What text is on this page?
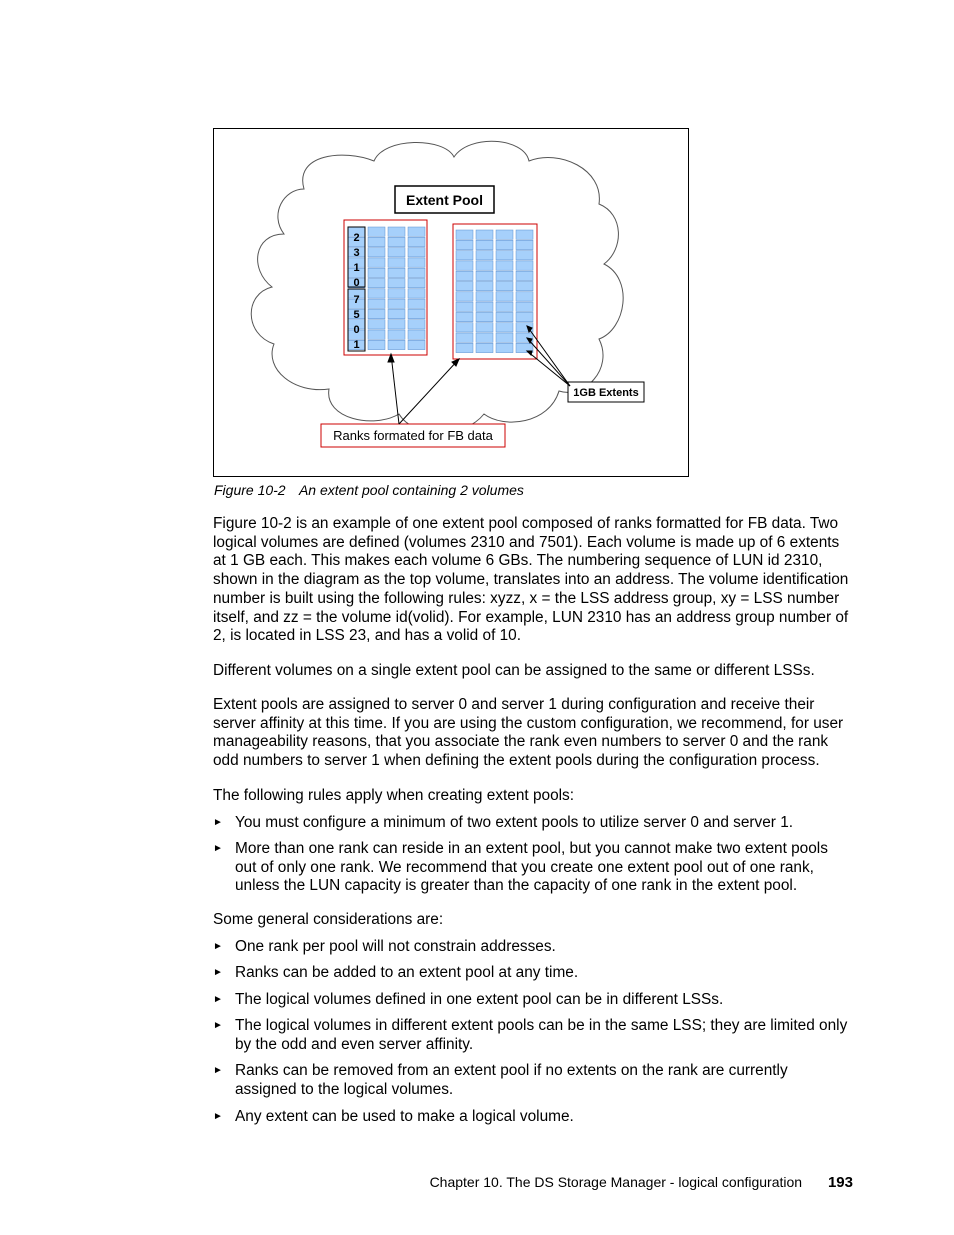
Extent Pool
2
3
1
0
7
5
0
1
1GB Extents
Ranks formated for FB data
Figure 10-2 An extent pool containing 2 volumes

Figure 10-2 is an example of one extent pool composed of ranks formatted for FB data. Two logical volumes are defined (volumes 2310 and 7501). Each volume is made up of 6 extents at 1 GB each. This makes each volume 6 GBs. The numbering sequence of LUN id 2310, shown in the diagram as the top volume, translates into an address. The volume identification number is built using the following rules: xyzz, x = the LSS address group, xy = LSS number itself, and zz = the volume id(volid). For example, LUN 2310 has an address group number of 2, is located in LSS 23, and has a volid of 10.

Different volumes on a single extent pool can be assigned to the same or different LSSs.

Extent pools are assigned to server 0 and server 1 during configuration and receive their server affinity at this time. If you are using the custom configuration, we recommend, for user manageability reasons, that you associate the rank even numbers to server 0 and the rank odd numbers to server 1 when defining the extent pools during the configuration process.

The following rules apply when creating extent pools:

► You must configure a minimum of two extent pools to utilize server 0 and server 1.
► More than one rank can reside in an extent pool, but you cannot make two extent pools out of only one rank. We recommend that you create one extent pool out of one rank, unless the LUN capacity is greater than the capacity of one rank in the extent pool.

Some general considerations are:

► One rank per pool will not constrain addresses.
► Ranks can be added to an extent pool at any time.
► The logical volumes defined in one extent pool can be in different LSSs.
► The logical volumes in different extent pools can be in the same LSS; they are limited only by the odd and even server affinity.
► Ranks can be removed from an extent pool if no extents on the rank are currently assigned to the logical volumes.
► Any extent can be used to make a logical volume.
Chapter 10. The DS Storage Manager - logical configuration 193
